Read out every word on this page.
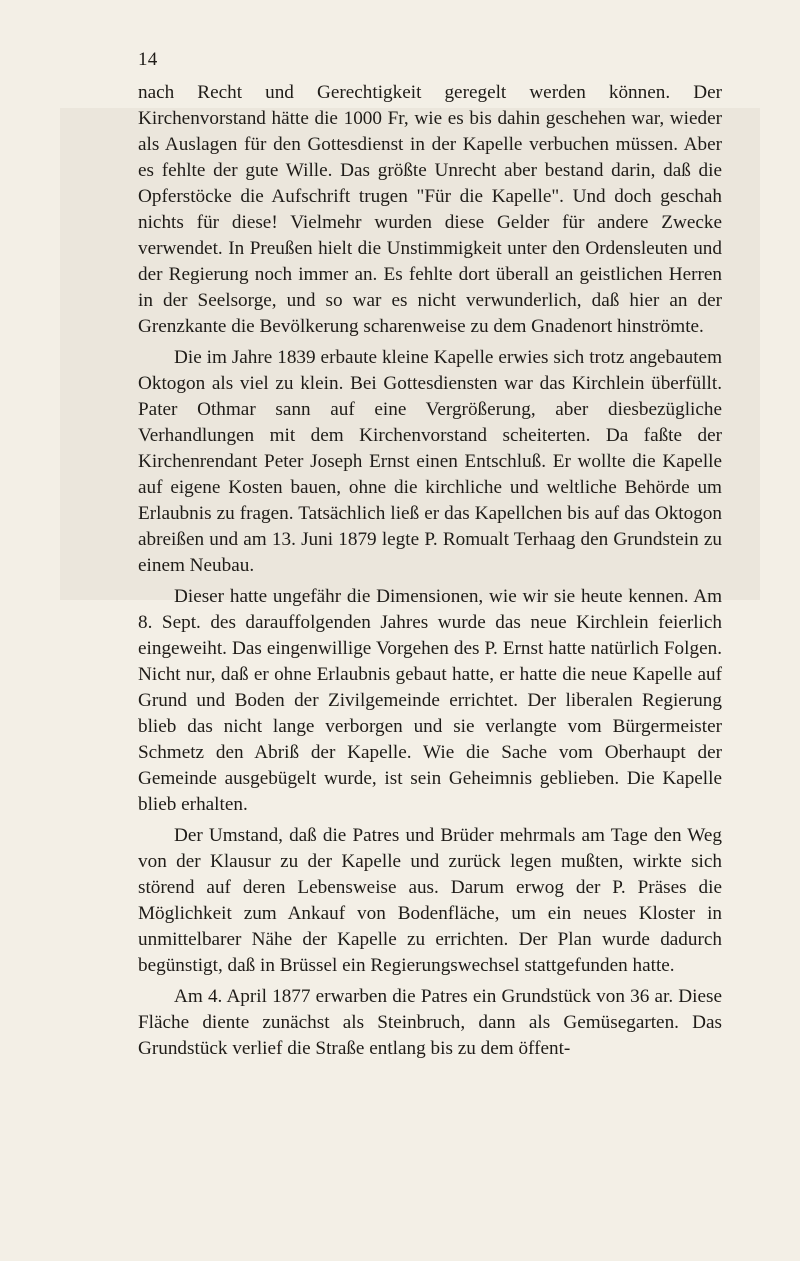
14

nach Recht und Gerechtigkeit geregelt werden können. Der Kirchenvorstand hätte die 1000 Fr, wie es bis dahin geschehen war, wieder als Auslagen für den Gottesdienst in der Kapelle verbuchen müssen. Aber es fehlte der gute Wille. Das größte Unrecht aber bestand darin, daß die Opferstöcke die Aufschrift trugen "Für die Kapelle". Und doch geschah nichts für diese! Vielmehr wurden diese Gelder für andere Zwecke verwendet. In Preußen hielt die Unstimmigkeit unter den Ordensleuten und der Regierung noch immer an. Es fehlte dort überall an geistlichen Herren in der Seelsorge, und so war es nicht verwunderlich, daß hier an der Grenzkante die Bevölkerung scharenweise zu dem Gnadenort hinströmte.

Die im Jahre 1839 erbaute kleine Kapelle erwies sich trotz angebautem Oktogon als viel zu klein. Bei Gottesdiensten war das Kirchlein überfüllt. Pater Othmar sann auf eine Vergrößerung, aber diesbezügliche Verhandlungen mit dem Kirchenvorstand scheiterten. Da faßte der Kirchenrendant Peter Joseph Ernst einen Entschluß. Er wollte die Kapelle auf eigene Kosten bauen, ohne die kirchliche und weltliche Behörde um Erlaubnis zu fragen. Tatsächlich ließ er das Kapellchen bis auf das Oktogon abreißen und am 13. Juni 1879 legte P. Romualt Terhaag den Grundstein zu einem Neubau.

Dieser hatte ungefähr die Dimensionen, wie wir sie heute kennen. Am 8. Sept. des darauffolgenden Jahres wurde das neue Kirchlein feierlich eingeweiht. Das eingenwillige Vorgehen des P. Ernst hatte natürlich Folgen. Nicht nur, daß er ohne Erlaubnis gebaut hatte, er hatte die neue Kapelle auf Grund und Boden der Zivilgemeinde errichtet. Der liberalen Regierung blieb das nicht lange verborgen und sie verlangte vom Bürgermeister Schmetz den Abriß der Kapelle. Wie die Sache vom Oberhaupt der Gemeinde ausgebügelt wurde, ist sein Geheimnis geblieben. Die Kapelle blieb erhalten.

Der Umstand, daß die Patres und Brüder mehrmals am Tage den Weg von der Klausur zu der Kapelle und zurück legen mußten, wirkte sich störend auf deren Lebensweise aus. Darum erwog der P. Präses die Möglichkeit zum Ankauf von Bodenfläche, um ein neues Kloster in unmittelbarer Nähe der Kapelle zu errichten. Der Plan wurde dadurch begünstigt, daß in Brüssel ein Regierungswechsel stattgefunden hatte.

Am 4. April 1877 erwarben die Patres ein Grundstück von 36 ar. Diese Fläche diente zunächst als Steinbruch, dann als Gemüsegarten. Das Grundstück verlief die Straße entlang bis zu dem öffent-
